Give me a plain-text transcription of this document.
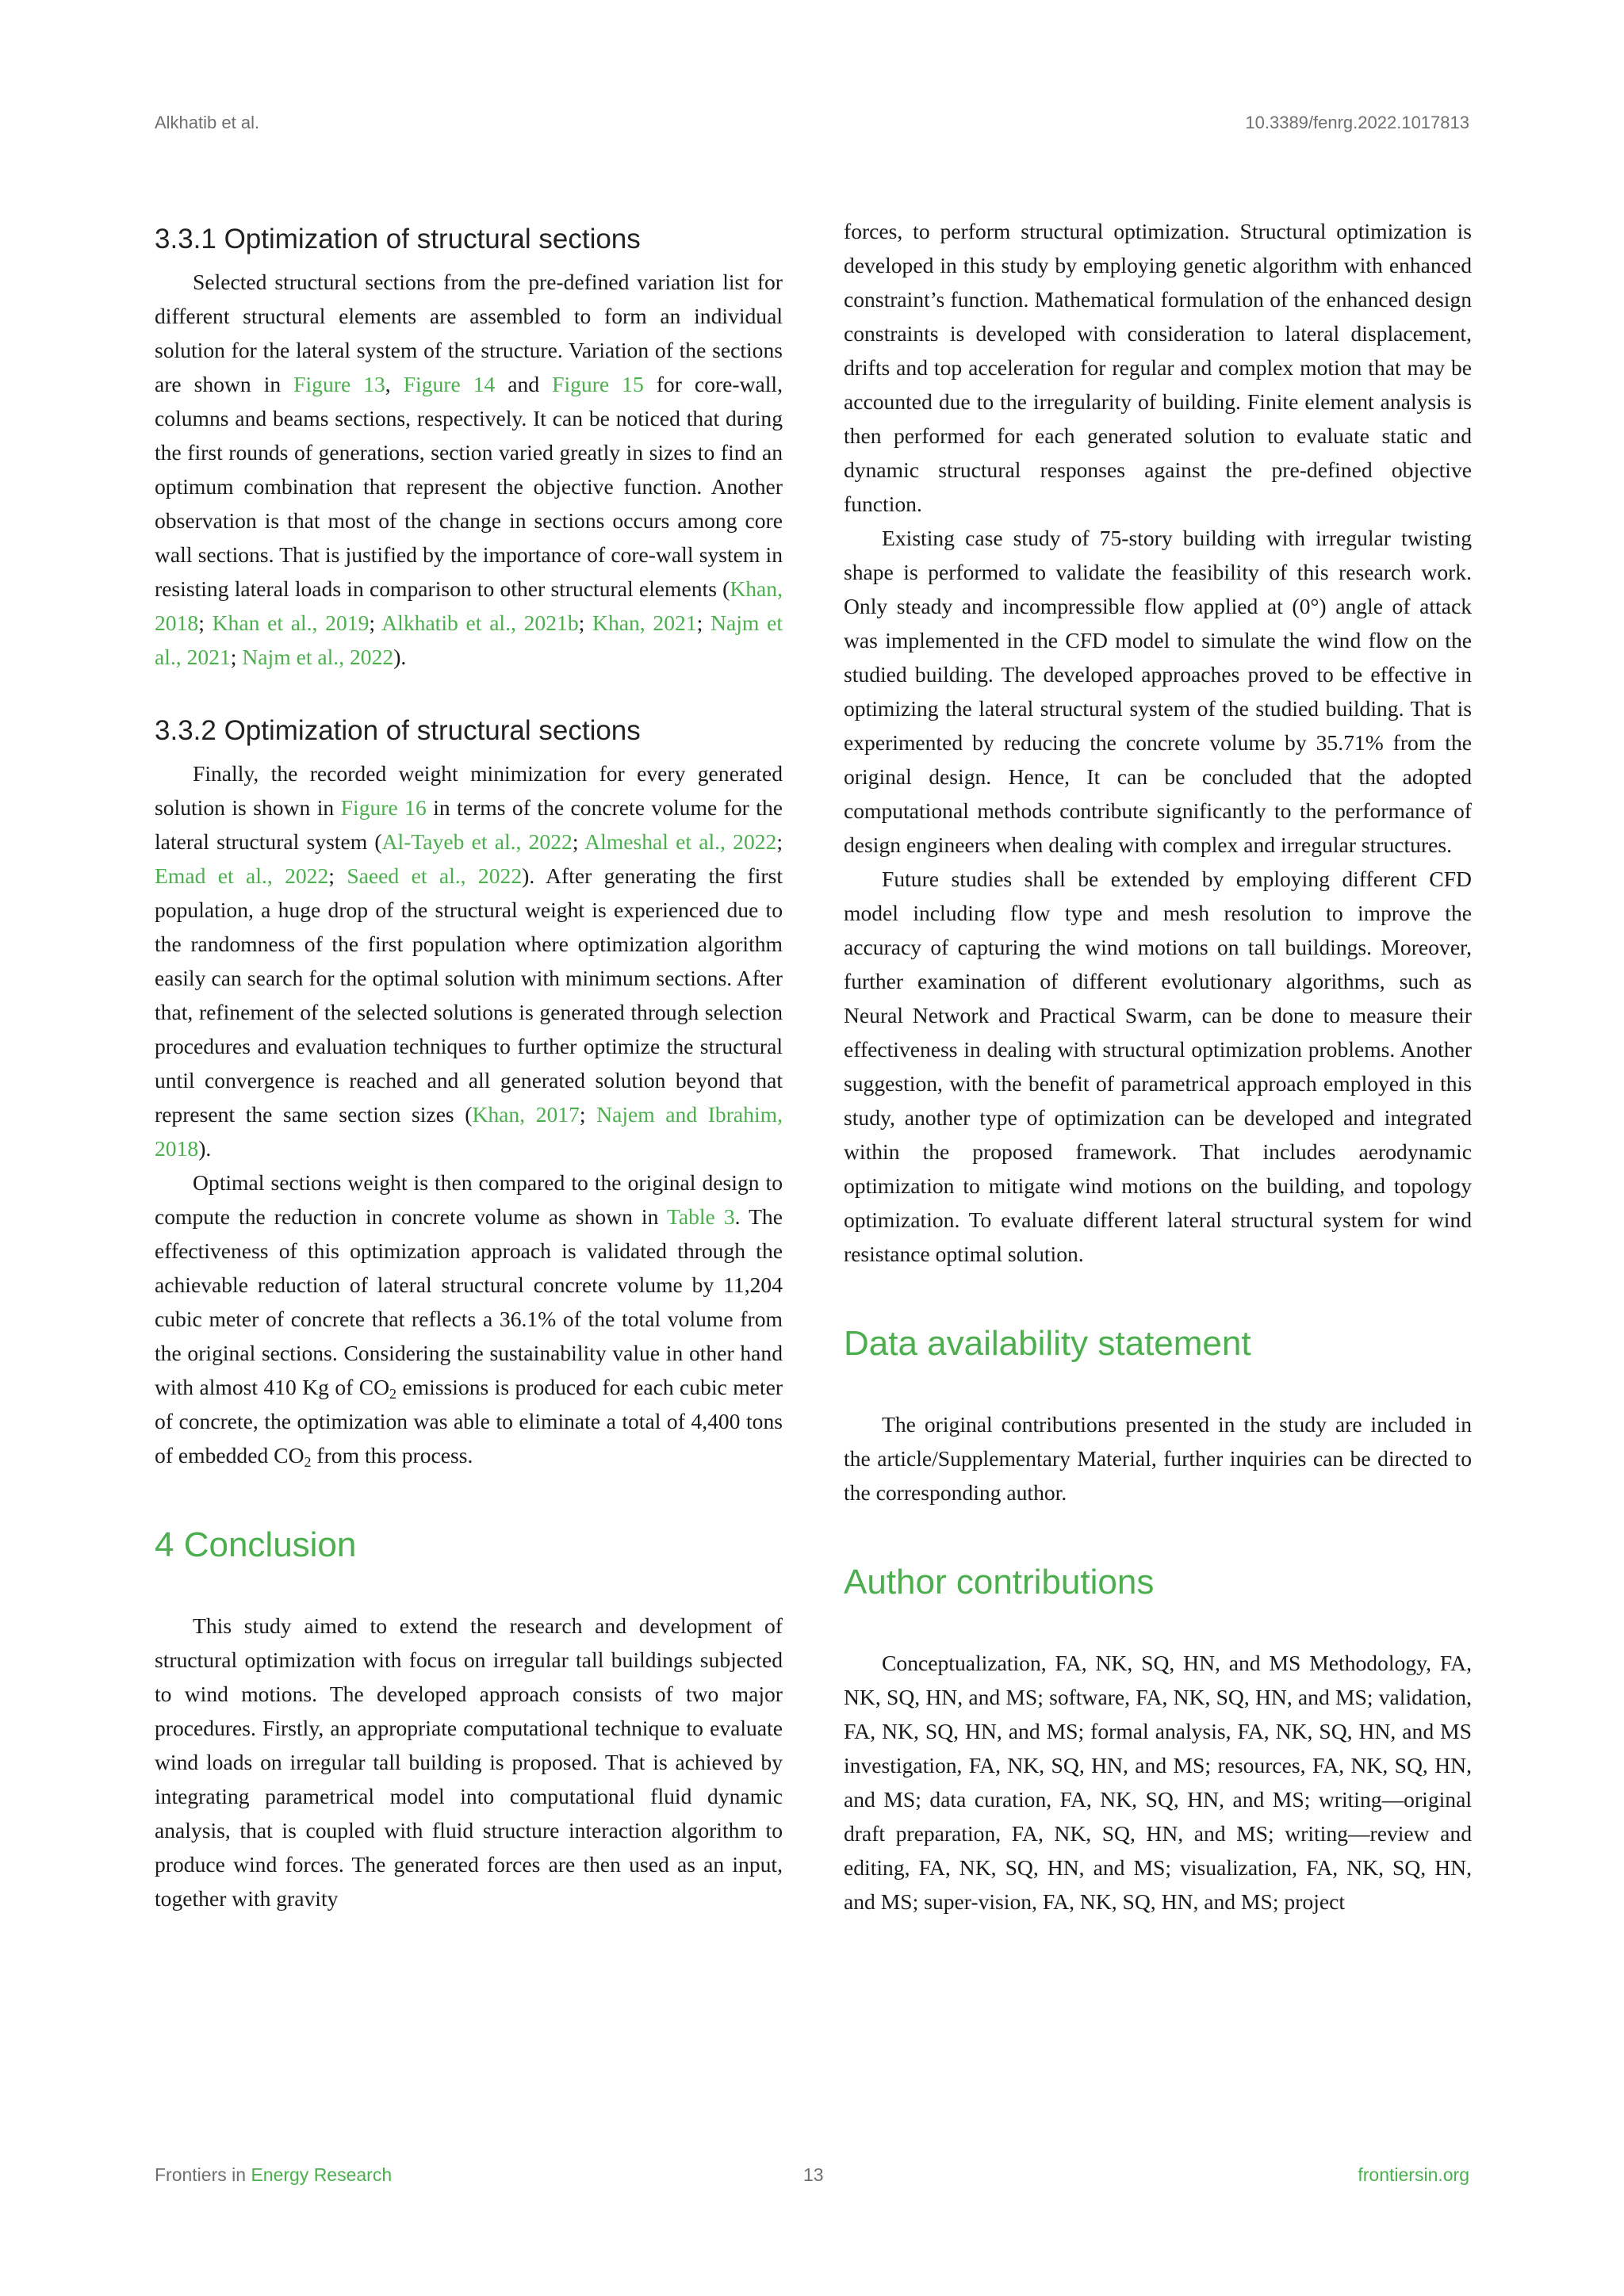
Alkhatib et al.	10.3389/fenrg.2022.1017813
3.3.1 Optimization of structural sections

Selected structural sections from the pre-defined variation list for different structural elements are assembled to form an individual solution for the lateral system of the structure. Variation of the sections are shown in Figure 13, Figure 14 and Figure 15 for core-wall, columns and beams sections, respectively. It can be noticed that during the first rounds of generations, section varied greatly in sizes to find an optimum combination that represent the objective function. Another observation is that most of the change in sections occurs among core wall sections. That is justified by the importance of core-wall system in resisting lateral loads in comparison to other structural elements (Khan, 2018; Khan et al., 2019; Alkhatib et al., 2021b; Khan, 2021; Najm et al., 2021; Najm et al., 2022).

3.3.2 Optimization of structural sections

Finally, the recorded weight minimization for every generated solution is shown in Figure 16 in terms of the concrete volume for the lateral structural system (Al-Tayeb et al., 2022; Almeshal et al., 2022; Emad et al., 2022; Saeed et al., 2022). After generating the first population, a huge drop of the structural weight is experienced due to the randomness of the first population where optimization algorithm easily can search for the optimal solution with minimum sections. After that, refinement of the selected solutions is generated through selection procedures and evaluation techniques to further optimize the structural until convergence is reached and all generated solution beyond that represent the same section sizes (Khan, 2017; Najem and Ibrahim, 2018).

Optimal sections weight is then compared to the original design to compute the reduction in concrete volume as shown in Table 3. The effectiveness of this optimization approach is validated through the achievable reduction of lateral structural concrete volume by 11,204 cubic meter of concrete that reflects a 36.1% of the total volume from the original sections. Considering the sustainability value in other hand with almost 410 Kg of $CO_2$ emissions is produced for each cubic meter of concrete, the optimization was able to eliminate a total of 4,400 tons of embedded $CO_2$ from this process.

4 Conclusion

This study aimed to extend the research and development of structural optimization with focus on irregular tall buildings subjected to wind motions. The developed approach consists of two major procedures. Firstly, an appropriate computational technique to evaluate wind loads on irregular tall building is proposed. That is achieved by integrating parametrical model into computational fluid dynamic analysis, that is coupled with fluid structure interaction algorithm to produce wind forces. The generated forces are then used as an input, together with gravity

forces, to perform structural optimization. Structural optimization is developed in this study by employing genetic algorithm with enhanced constraint’s function. Mathematical formulation of the enhanced design constraints is developed with consideration to lateral displacement, drifts and top acceleration for regular and complex motion that may be accounted due to the irregularity of building. Finite element analysis is then performed for each generated solution to evaluate static and dynamic structural responses against the pre-defined objective function.

Existing case study of 75-story building with irregular twisting shape is performed to validate the feasibility of this research work. Only steady and incompressible flow applied at (0°) angle of attack was implemented in the CFD model to simulate the wind flow on the studied building. The developed approaches proved to be effective in optimizing the lateral structural system of the studied building. That is experimented by reducing the concrete volume by 35.71% from the original design. Hence, It can be concluded that the adopted computational methods contribute significantly to the performance of design engineers when dealing with complex and irregular structures.

Future studies shall be extended by employing different CFD model including flow type and mesh resolution to improve the accuracy of capturing the wind motions on tall buildings. Moreover, further examination of different evolutionary algorithms, such as Neural Network and Practical Swarm, can be done to measure their effectiveness in dealing with structural optimization problems. Another suggestion, with the benefit of parametrical approach employed in this study, another type of optimization can be developed and integrated within the proposed framework. That includes aerodynamic optimization to mitigate wind motions on the building, and topology optimization. To evaluate different lateral structural system for wind resistance optimal solution.

Data availability statement

The original contributions presented in the study are included in the article/Supplementary Material, further inquiries can be directed to the corresponding author.

Author contributions

Conceptualization, FA, NK, SQ, HN, and MS Methodology, FA, NK, SQ, HN, and MS; software, FA, NK, SQ, HN, and MS; validation, FA, NK, SQ, HN, and MS; formal analysis, FA, NK, SQ, HN, and MS investigation, FA, NK, SQ, HN, and MS; resources, FA, NK, SQ, HN, and MS; data curation, FA, NK, SQ, HN, and MS; writing—original draft preparation, FA, NK, SQ, HN, and MS; writing—review and editing, FA, NK, SQ, HN, and MS; visualization, FA, NK, SQ, HN, and MS; super-vision, FA, NK, SQ, HN, and MS; project

Frontiers in Energy Research	13	frontiersin.org
